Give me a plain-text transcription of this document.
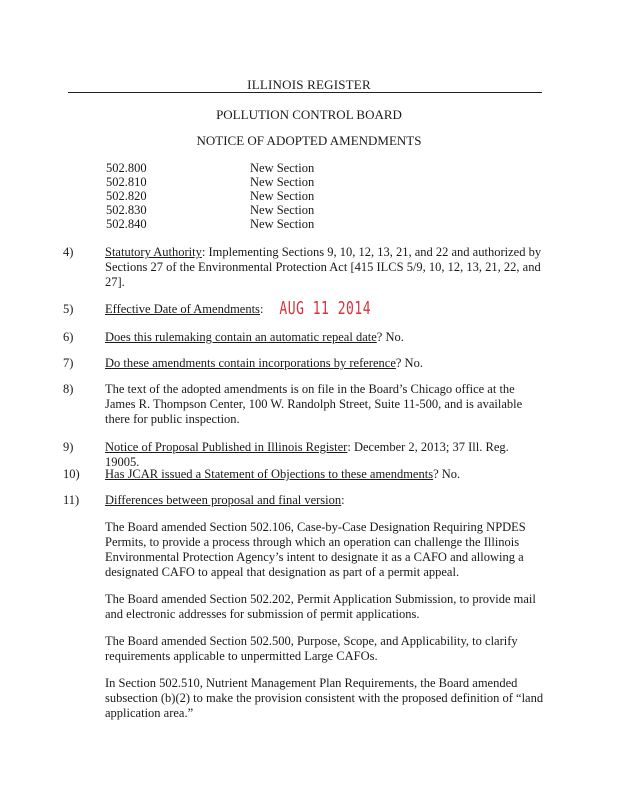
ILLINOIS REGISTER
POLLUTION CONTROL BOARD
NOTICE OF ADOPTED AMENDMENTS
502.800	New Section
502.810	New Section
502.820	New Section
502.830	New Section
502.840	New Section
4)	Statutory Authority: Implementing Sections 9, 10, 12, 13, 21, and 22 and authorized by Sections 27 of the Environmental Protection Act [415 ILCS 5/9, 10, 12, 13, 21, 22, and 27].
5)	Effective Date of Amendments: AUG 11 2014
6)	Does this rulemaking contain an automatic repeal date? No.
7)	Do these amendments contain incorporations by reference? No.
8)	The text of the adopted amendments is on file in the Board’s Chicago office at the James R. Thompson Center, 100 W. Randolph Street, Suite 11-500, and is available there for public inspection.
9)	Notice of Proposal Published in Illinois Register: December 2, 2013; 37 Ill. Reg. 19005.
10)	Has JCAR issued a Statement of Objections to these amendments? No.
11)	Differences between proposal and final version:
The Board amended Section 502.106, Case-by-Case Designation Requiring NPDES Permits, to provide a process through which an operation can challenge the Illinois Environmental Protection Agency’s intent to designate it as a CAFO and allowing a designated CAFO to appeal that designation as part of a permit appeal.
The Board amended Section 502.202, Permit Application Submission, to provide mail and electronic addresses for submission of permit applications.
The Board amended Section 502.500, Purpose, Scope, and Applicability, to clarify requirements applicable to unpermitted Large CAFOs.
In Section 502.510, Nutrient Management Plan Requirements, the Board amended subsection (b)(2) to make the provision consistent with the proposed definition of “land application area.”
